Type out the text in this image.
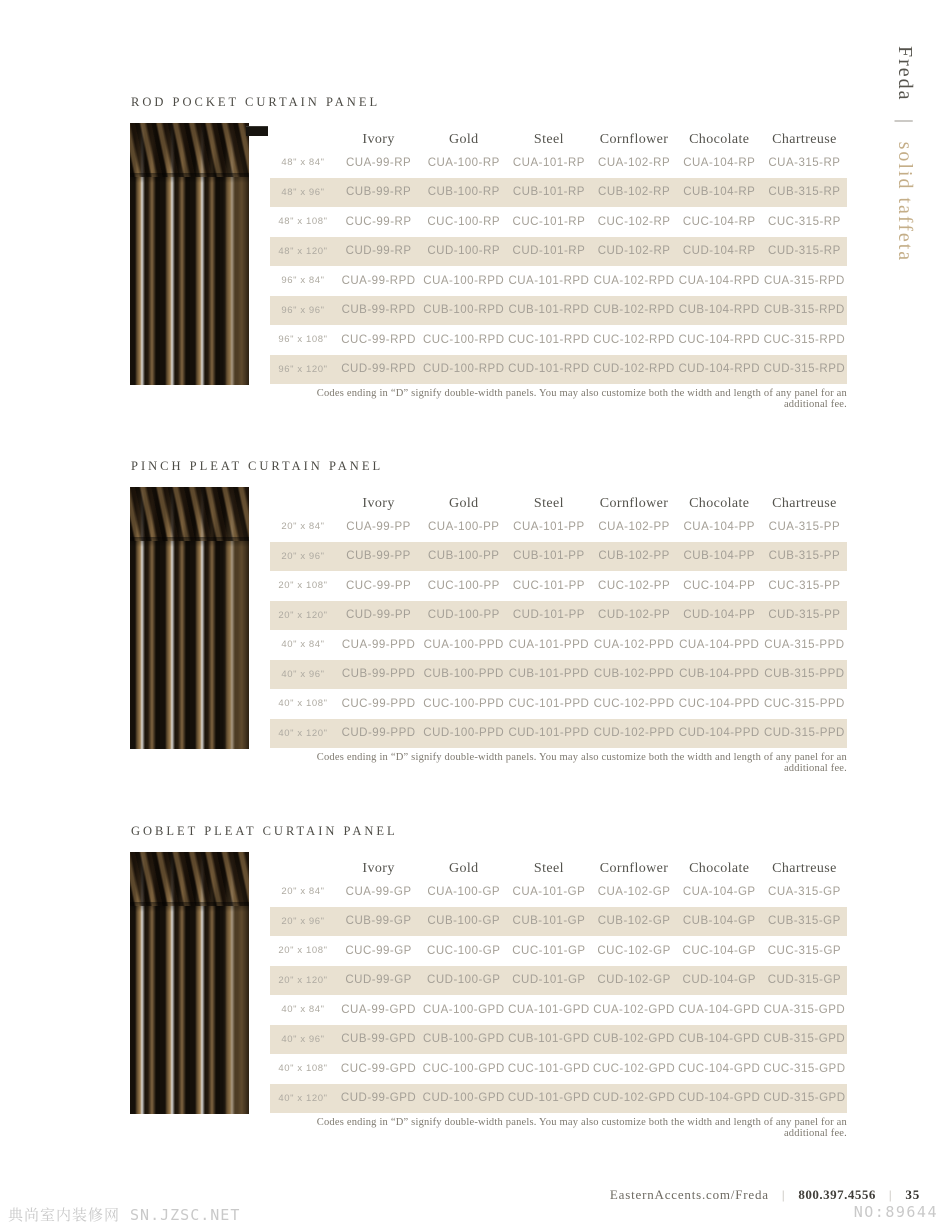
Freda | solid taffeta
ROD POCKET CURTAIN PANEL
Ivory	Gold	Steel	Cornflower	Chocolate	Chartreuse
48" x 84"	CUA-99-RP	CUA-100-RP	CUA-101-RP	CUA-102-RP	CUA-104-RP	CUA-315-RP
48" x 96"	CUB-99-RP	CUB-100-RP	CUB-101-RP	CUB-102-RP	CUB-104-RP	CUB-315-RP
48" x 108"	CUC-99-RP	CUC-100-RP	CUC-101-RP	CUC-102-RP	CUC-104-RP	CUC-315-RP
48" x 120"	CUD-99-RP	CUD-100-RP	CUD-101-RP	CUD-102-RP	CUD-104-RP	CUD-315-RP
96" x 84"	CUA-99-RPD CUA-100-RPD CUA-101-RPD CUA-102-RPD CUA-104-RPD CUA-315-RPD
96" x 96"	CUB-99-RPD CUB-100-RPD CUB-101-RPD CUB-102-RPD CUB-104-RPD CUB-315-RPD
96" x 108"	CUC-99-RPD CUC-100-RPD CUC-101-RPD CUC-102-RPD CUC-104-RPD CUC-315-RPD
96" x 120"	CUD-99-RPD CUD-100-RPD CUD-101-RPD CUD-102-RPD CUD-104-RPD CUD-315-RPD
Codes ending in “D” signify double-width panels. You may also customize both the width and length of any panel for an additional fee.
PINCH PLEAT CURTAIN PANEL
Ivory	Gold	Steel	Cornflower	Chocolate	Chartreuse
20" x 84"	CUA-99-PP	CUA-100-PP	CUA-101-PP	CUA-102-PP	CUA-104-PP	CUA-315-PP
20" x 96"	CUB-99-PP	CUB-100-PP	CUB-101-PP	CUB-102-PP	CUB-104-PP	CUB-315-PP
20" x 108"	CUC-99-PP	CUC-100-PP	CUC-101-PP	CUC-102-PP	CUC-104-PP	CUC-315-PP
20" x 120"	CUD-99-PP	CUD-100-PP	CUD-101-PP	CUD-102-PP	CUD-104-PP	CUD-315-PP
40" x 84"	CUA-99-PPD CUA-100-PPD CUA-101-PPD CUA-102-PPD CUA-104-PPD CUA-315-PPD
40" x 96"	CUB-99-PPD CUB-100-PPD CUB-101-PPD CUB-102-PPD CUB-104-PPD CUB-315-PPD
40" x 108"	CUC-99-PPD CUC-100-PPD CUC-101-PPD CUC-102-PPD CUC-104-PPD CUC-315-PPD
40" x 120"	CUD-99-PPD CUD-100-PPD CUD-101-PPD CUD-102-PPD CUD-104-PPD CUD-315-PPD
Codes ending in “D” signify double-width panels. You may also customize both the width and length of any panel for an additional fee.
GOBLET PLEAT CURTAIN PANEL
Ivory	Gold	Steel	Cornflower	Chocolate	Chartreuse
20" x 84"	CUA-99-GP	CUA-100-GP	CUA-101-GP	CUA-102-GP	CUA-104-GP	CUA-315-GP
20" x 96"	CUB-99-GP	CUB-100-GP	CUB-101-GP	CUB-102-GP	CUB-104-GP	CUB-315-GP
20" x 108"	CUC-99-GP	CUC-100-GP	CUC-101-GP	CUC-102-GP	CUC-104-GP	CUC-315-GP
20" x 120"	CUD-99-GP	CUD-100-GP	CUD-101-GP	CUD-102-GP	CUD-104-GP	CUD-315-GP
40" x 84"	CUA-99-GPD CUA-100-GPD CUA-101-GPD CUA-102-GPD CUA-104-GPD CUA-315-GPD
40" x 96"	CUB-99-GPD CUB-100-GPD CUB-101-GPD CUB-102-GPD CUB-104-GPD CUB-315-GPD
40" x 108"	CUC-99-GPD CUC-100-GPD CUC-101-GPD CUC-102-GPD CUC-104-GPD CUC-315-GPD
40" x 120"	CUD-99-GPD CUD-100-GPD CUD-101-GPD CUD-102-GPD CUD-104-GPD CUD-315-GPD
Codes ending in “D” signify double-width panels. You may also customize both the width and length of any panel for an additional fee.
EasternAccents.com/Freda | 800.397.4556 | 35
典尚室内装修网 SN.JZSC.NET	NO:89644
